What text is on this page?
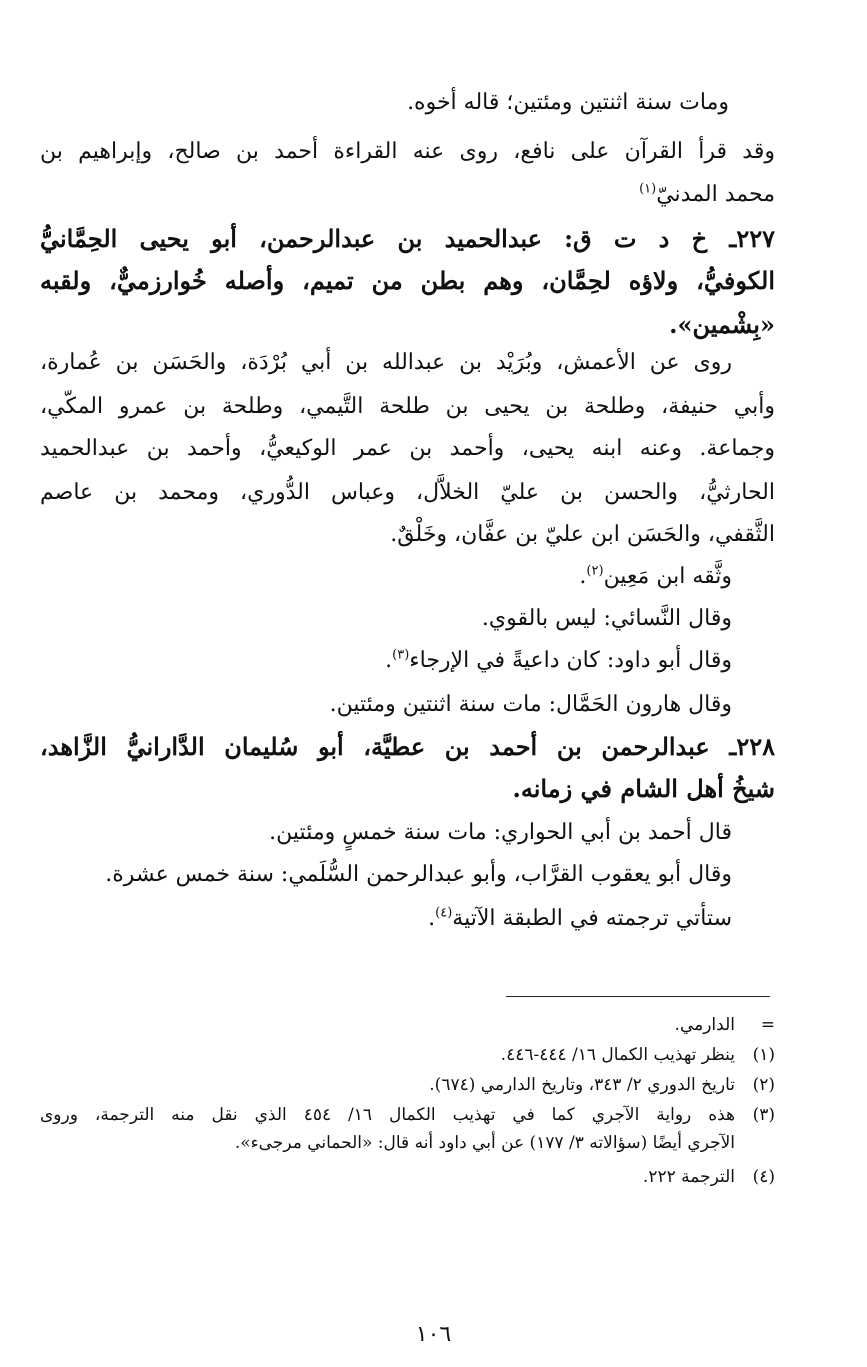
ومات سنة اثنتين ومئتين؛ قاله أخوه.
وقد قرأ القرآن على نافع، روى عنه القراءة أحمد بن صالح، وإبراهيم بن
محمد المدنيّ$^{(١)}$
٢٢٧ـ خ د ت ق: عبدالحميد بن عبدالرحمن، أبو يحيى الحِمَّانيُّ
الكوفيُّ، ولاؤه لحِمَّان، وهم بطن من تميم، وأصله خُوارزميٌّ، ولقبه
«بِشْمين».
روى عن الأعمش، وبُرَيْد بن عبدالله بن أبي بُرْدَة، والحَسَن بن عُمارة،
وأبي حنيفة، وطلحة بن يحيى بن طلحة التَّيمي، وطلحة بن عمرو المكّي،
وجماعة. وعنه ابنه يحيى، وأحمد بن عمر الوكيعيُّ، وأحمد بن عبدالحميد
الحارثيُّ، والحسن بن عليّ الخلاَّل، وعباس الدُّوري، ومحمد بن عاصم
الثَّقفي، والحَسَن ابن عليّ بن عفَّان، وخَلْقٌ.
وثَّقه ابن مَعِين$^{(٢)}$.
وقال النَّسائي: ليس بالقوي.
وقال أبو داود: كان داعيةً في الإرجاء$^{(٣)}$.
وقال هارون الحَمَّال: مات سنة اثنتين ومئتين.
٢٢٨ـ عبدالرحمن بن أحمد بن عطيَّة، أبو سُليمان الدَّارانيُّ الزَّاهد،
شيخُ أهل الشام في زمانه.
قال أحمد بن أبي الحواري: مات سنة خمسٍ ومئتين.
وقال أبو يعقوب القرَّاب، وأبو عبدالرحمن السُّلَمي: سنة خمس عشرة.
ستأتي ترجمته في الطبقة الآتية$^{(٤)}$.
=
الدارمي.
(١)
ينظر تهذيب الكمال ١٦/ ٤٤٤-٤٤٦.
(٢)
تاريخ الدوري ٢/ ٣٤٣، وتاريخ الدارمي (٦٧٤).
(٣)
هذه رواية الآجري كما في تهذيب الكمال ١٦/ ٤٥٤ الذي نقل منه الترجمة، وروى
الآجري أيضًا (سؤالاته ٣/ ١٧٧) عن أبي داود أنه قال: «الحماني مرجىء».
(٤)
الترجمة ٢٢٢.
١٠٦
